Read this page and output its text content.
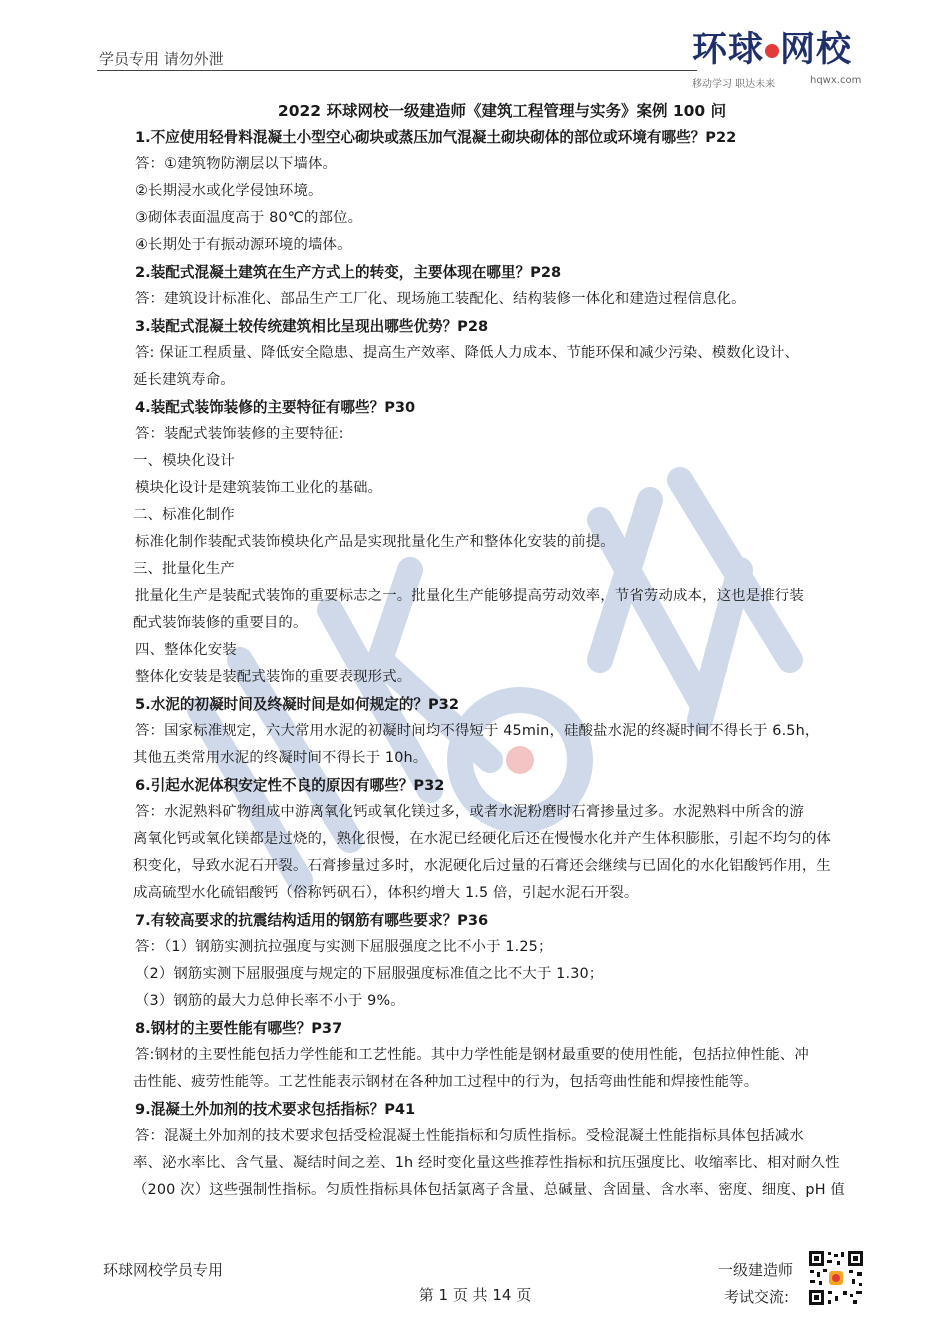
学员专用 请勿外泄	环球 网校
移动学习 职达未来	hqwx.com

2022 环球网校一级建造师《建筑工程管理与实务》案例 100 问

1.不应使用轻骨料混凝土小型空心砌块或蒸压加气混凝土砌块砌体的部位或环境有哪些？P22

答：①建筑物防潮层以下墙体。

②长期浸水或化学侵蚀环境。

③砌体表面温度高于 80℃的部位。

④长期处于有振动源环境的墙体。

2.装配式混凝土建筑在生产方式上的转变，主要体现在哪里？P28

答：建筑设计标准化、部品生产工厂化、现场施工装配化、结构装修一体化和建造过程信息化。

3.装配式混凝土较传统建筑相比呈现出哪些优势？P28

答: 保证工程质量、降低安全隐患、提高生产效率、降低人力成本、节能环保和减少污染、模数化设计、

延长建筑寿命。

4.装配式装饰装修的主要特征有哪些？P30

答：装配式装饰装修的主要特征:

一、模块化设计

模块化设计是建筑装饰工业化的基础。

二、标准化制作

标准化制作装配式装饰模块化产品是实现批量化生产和整体化安装的前提。

三、批量化生产

批量化生产是装配式装饰的重要标志之一。批量化生产能够提高劳动效率，节省劳动成本，这也是推行装

配式装饰装修的重要目的。

四、整体化安装

整体化安装是装配式装饰的重要表现形式。

5.水泥的初凝时间及终凝时间是如何规定的？P32

答：国家标准规定，六大常用水泥的初凝时间均不得短于 45min，硅酸盐水泥的终凝时间不得长于 6.5h，

其他五类常用水泥的终凝时间不得长于 10h。

6.引起水泥体积安定性不良的原因有哪些？P32

答：水泥熟料矿物组成中游离氧化钙或氧化镁过多，或者水泥粉磨时石膏掺量过多。水泥熟料中所含的游

离氧化钙或氧化镁都是过烧的，熟化很慢，在水泥已经硬化后还在慢慢水化并产生体积膨胀，引起不均匀的体

积变化，导致水泥石开裂。石膏掺量过多时，水泥硬化后过量的石膏还会继续与已固化的水化铝酸钙作用，生

成高硫型水化硫铝酸钙（俗称钙矾石），体积约增大 1.5 倍，引起水泥石开裂。

7.有较高要求的抗震结构适用的钢筋有哪些要求？P36

答：（1）钢筋实测抗拉强度与实测下屈服强度之比不小于 1.25；

（2）钢筋实测下屈服强度与规定的下屈服强度标准值之比不大于 1.30；

（3）钢筋的最大力总伸长率不小于 9%。

8.钢材的主要性能有哪些？P37

答:钢材的主要性能包括力学性能和工艺性能。其中力学性能是钢材最重要的使用性能，包括拉伸性能、冲

击性能、疲劳性能等。工艺性能表示钢材在各种加工过程中的行为，包括弯曲性能和焊接性能等。

9.混凝土外加剂的技术要求包括指标？P41

答：混凝土外加剂的技术要求包括受检混凝土性能指标和匀质性指标。受检混凝土性能指标具体包括减水

率、泌水率比、含气量、凝结时间之差、1h 经时变化量这些推荐性指标和抗压强度比、收缩率比、相对耐久性

（200 次）这些强制性指标。匀质性指标具体包括氯离子含量、总碱量、含固量、含水率、密度、细度、pH 值

环球网校学员专用
第 1 页 共 14 页
一级建造师
考试交流:
